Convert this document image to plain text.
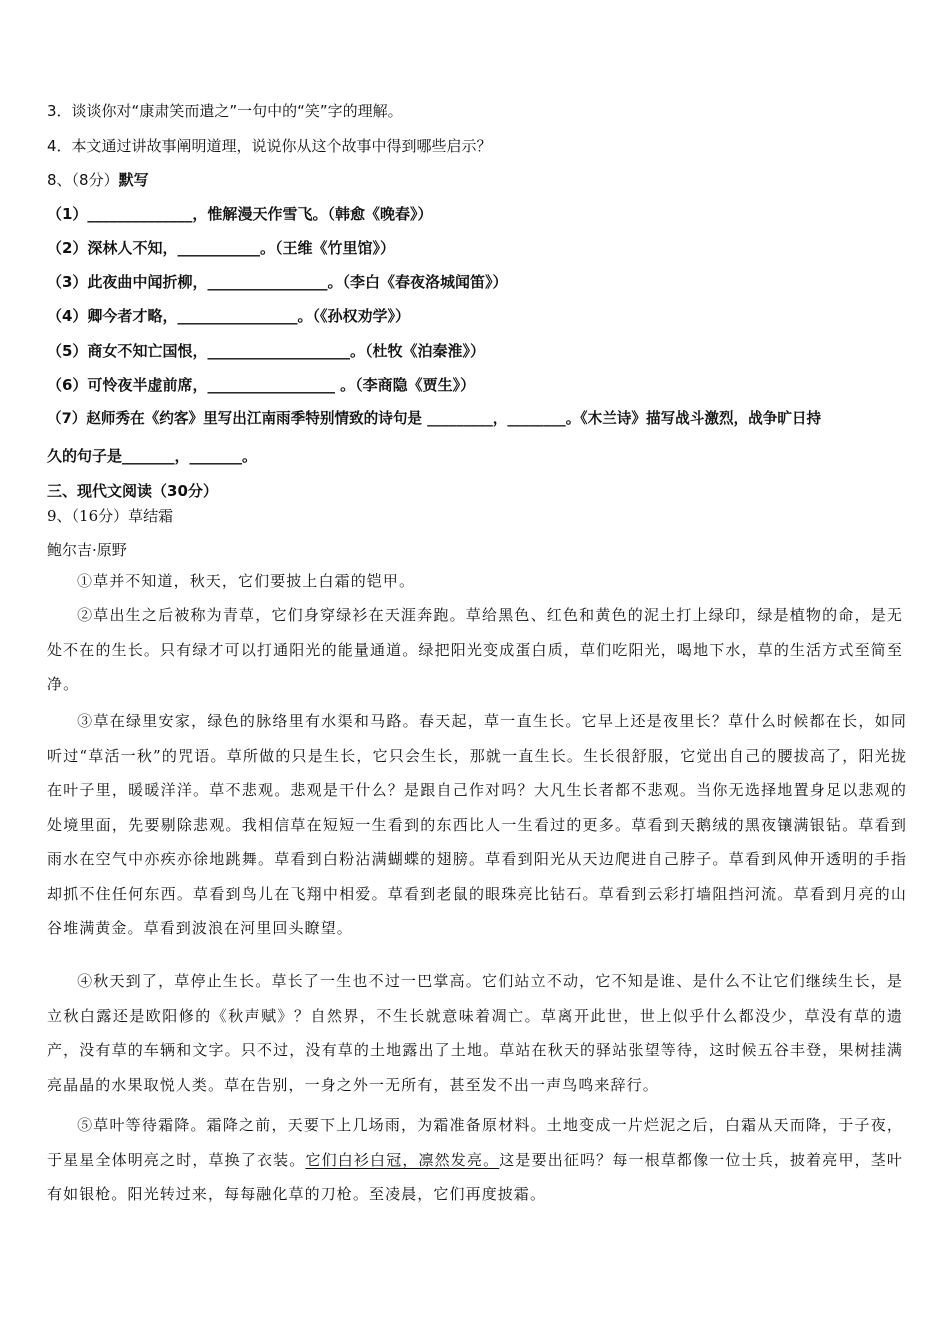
3．谈谈你对“康肃笑而遣之”一句中的“笑”字的理解。
4．本文通过讲故事阐明道理，说说你从这个故事中得到哪些启示？
8、（8分）默写
（1）______________，惟解漫天作雪飞。（韩愈《晚春》）
（2）深林人不知，___________。（王维《竹里馆》）
（3）此夜曲中闻折柳，________________。（李白《春夜洛城闻笛》）
（4）卿今者才略，________________。（《孙权劝学》）
（5）商女不知亡国恨，___________________。（杜牧《泊秦淮》）
（6）可怜夜半虚前席，_________________ 。（李商隐《贾生》）
（7）赵师秀在《约客》里写出江南雨季特别情致的诗句是 _________，________。《木兰诗》描写战斗激烈，战争旷日持
久的句子是_______，_______。
三、现代文阅读（30分）
9、（16分）草结霜
鲍尔吉·原野
①草并不知道，秋天，它们要披上白霜的铠甲。
②草出生之后被称为青草，它们身穿绿衫在天涯奔跑。草给黑色、红色和黄色的泥土打上绿印，绿是植物的命，是无处不在的生长。只有绿才可以打通阳光的能量通道。绿把阳光变成蛋白质，草们吃阳光，喝地下水，草的生活方式至简至净。
③草在绿里安家，绿色的脉络里有水渠和马路。春天起，草一直生长。它早上还是夜里长？草什么时候都在长，如同听过“草活一秋”的咒语。草所做的只是生长，它只会生长，那就一直生长。生长很舒服，它觉出自己的腰拔高了，阳光拢在叶子里，暖暖洋洋。草不悲观。悲观是干什么？是跟自己作对吗？大凡生长者都不悲观。当你无选择地置身足以悲观的处境里面，先要剔除悲观。我相信草在短短一生看到的东西比人一生看过的更多。草看到天鹅绒的黑夜镶满银钻。草看到雨水在空气中亦疾亦徐地跳舞。草看到白粉沾满蝴蝶的翅膀。草看到阳光从天边爬进自己脖子。草看到风伸开透明的手指却抓不住任何东西。草看到鸟儿在飞翔中相爱。草看到老鼠的眼珠亮比钻石。草看到云彩打墙阻挡河流。草看到月亮的山谷堆满黄金。草看到波浪在河里回头瞭望。
④秋天到了，草停止生长。草长了一生也不过一巴掌高。它们站立不动，它不知是谁、是什么不让它们继续生长，是立秋白露还是欧阳修的《秋声赋》？自然界，不生长就意味着凋亡。草离开此世，世上似乎什么都没少，草没有草的遗产，没有草的车辆和文字。只不过，没有草的土地露出了土地。草站在秋天的驿站张望等待，这时候五谷丰登，果树挂满亮晶晶的水果取悦人类。草在告别，一身之外一无所有，甚至发不出一声鸟鸣来辞行。
⑤草叶等待霜降。霜降之前，天要下上几场雨，为霜准备原材料。土地变成一片烂泥之后，白霜从天而降，于子夜，于星星全体明亮之时，草换了衣装。它们白衫白冠，凛然发亮。这是要出征吗？每一根草都像一位士兵，披着亮甲，茎叶有如银枪。阳光转过来，每每融化草的刀枪。至凌晨，它们再度披霜。
